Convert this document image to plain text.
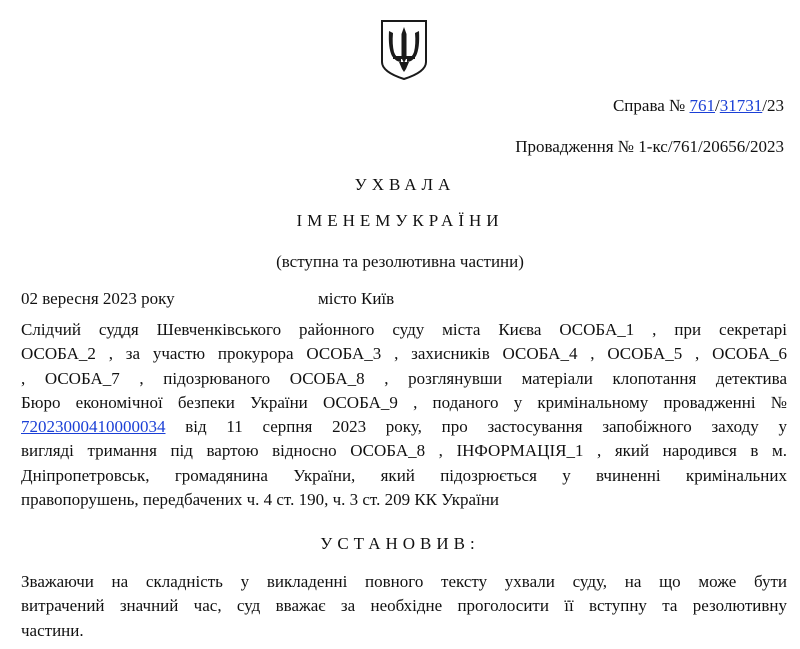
Справа № 761/31731/23
Провадження № 1-кс/761/20656/2023
УХВАЛА
ІМЕНЕМУКРАЇНИ
(вступна та резолютивна частини)
02 вересня 2023 року	місто Київ
Слідчий суддя Шевченківського районного суду міста Києва ОСОБА_1 , при секретарі
ОСОБА_2 , за участю прокурора ОСОБА_3 , захисників ОСОБА_4 , ОСОБА_5 , ОСОБА_6
, ОСОБА_7 , підозрюваного ОСОБА_8 , розглянувши матеріали клопотання детектива
Бюро економічної безпеки України ОСОБА_9 , поданого у кримінальному провадженні №
72023000410000034 від 11 серпня 2023 року, про застосування запобіжного заходу у
вигляді тримання під вартою відносно ОСОБА_8 , ІНФОРМАЦІЯ_1 , який народився в м.
Дніпропетровськ, громадянина України, який підозрюється у вчиненні кримінальних
правопорушень, передбачених ч. 4 ст. 190, ч. 3 ст. 209 КК України
УСТАНОВИВ:
Зважаючи на складність у викладенні повного тексту ухвали суду, на що може бути
витрачений значний час, суд вважає за необхідне проголосити її вступну та резолютивну
частини.
